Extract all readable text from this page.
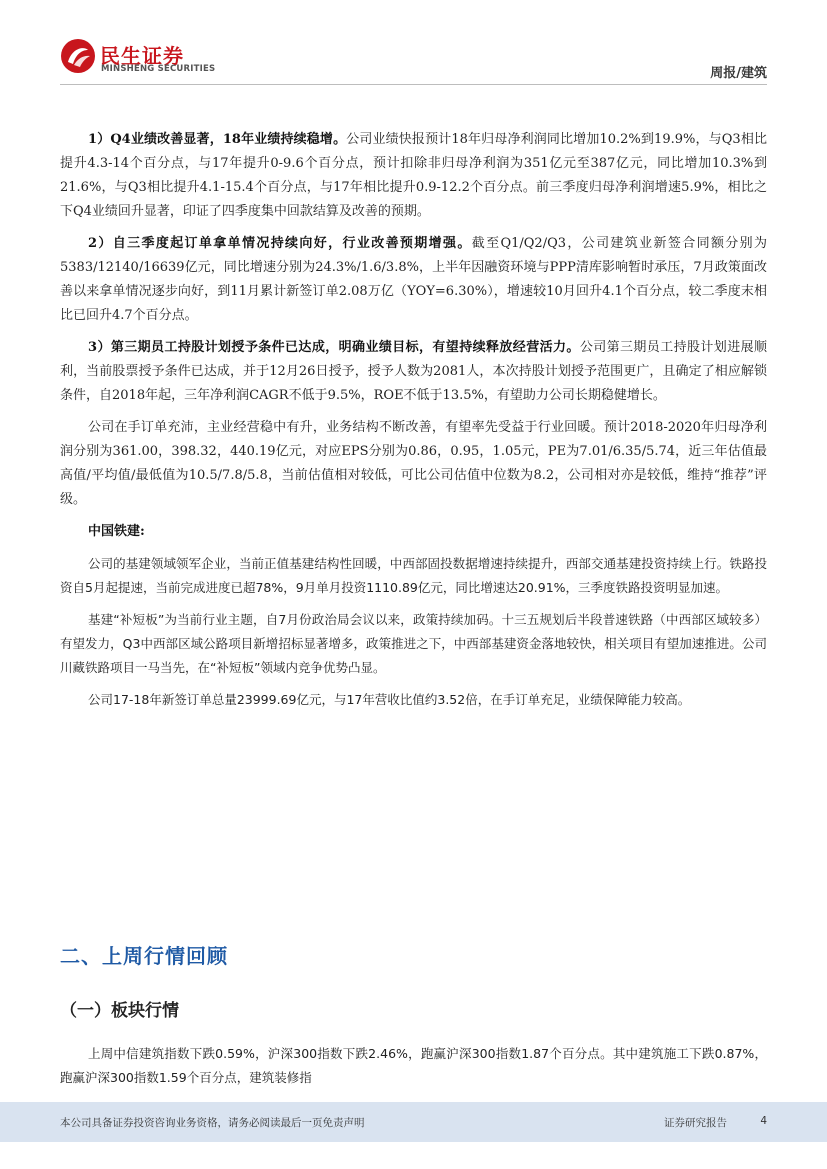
民生证券
MINSHENG SECURITIES	周报/建筑

1）Q4业绩改善显著，18年业绩持续稳增。公司业绩快报预计18年归母净利润同比增加10.2%到19.9%，与Q3相比提升4.3-14个百分点，与17年提升0-9.6个百分点，预计扣除非归母净利润为351亿元至387亿元，同比增加10.3%到21.6%，与Q3相比提升4.1-15.4个百分点，与17年相比提升0.9-12.2个百分点。前三季度归母净利润增速5.9%，相比之下Q4业绩回升显著，印证了四季度集中回款结算及改善的预期。

2）自三季度起订单拿单情况持续向好，行业改善预期增强。截至Q1/Q2/Q3，公司建筑业新签合同额分别为5383/12140/16639亿元，同比增速分别为24.3%/1.6/3.8%，上半年因融资环境与PPP清库影响暂时承压，7月政策面改善以来拿单情况逐步向好，到11月累计新签订单2.08万亿（YOY=6.30%），增速较10月回升4.1个百分点，较二季度末相比已回升4.7个百分点。

3）第三期员工持股计划授予条件已达成，明确业绩目标，有望持续释放经营活力。公司第三期员工持股计划进展顺利，当前股票授予条件已达成，并于12月26日授予，授予人数为2081人，本次持股计划授予范围更广，且确定了相应解锁条件，自2018年起，三年净利润CAGR不低于9.5%，ROE不低于13.5%，有望助力公司长期稳健增长。

公司在手订单充沛，主业经营稳中有升，业务结构不断改善，有望率先受益于行业回暖。预计2018-2020年归母净利润分别为361.00，398.32，440.19亿元，对应EPS分别为0.86，0.95，1.05元，PE为7.01/6.35/5.74，近三年估值最高值/平均值/最低值为10.5/7.8/5.8，当前估值相对较低，可比公司估值中位数为8.2，公司相对亦是较低，维持“推荐”评级。

中国铁建:

公司的基建领域领军企业，当前正值基建结构性回暖，中西部固投数据增速持续提升，西部交通基建投资持续上行。铁路投资自5月起提速，当前完成进度已超78%，9月单月投资1110.89亿元，同比增速达20.91%，三季度铁路投资明显加速。

基建“补短板”为当前行业主题，自7月份政治局会议以来，政策持续加码。十三五规划后半段普速铁路（中西部区域较多）有望发力，Q3中西部区域公路项目新增招标显著增多，政策推进之下，中西部基建资金落地较快，相关项目有望加速推进。公司川藏铁路项目一马当先，在“补短板”领域内竞争优势凸显。

公司17-18年新签订单总量23999.69亿元，与17年营收比值约3.52倍，在手订单充足，业绩保障能力较高。

二、上周行情回顾
（一）板块行情

上周中信建筑指数下跌0.59%，沪深300指数下跌2.46%，跑赢沪深300指数1.87个百分点。其中建筑施工下跌0.87%，跑赢沪深300指数1.59个百分点，建筑装修指

本公司具备证券投资咨询业务资格，请务必阅读最后一页免责声明	证券研究报告	4
